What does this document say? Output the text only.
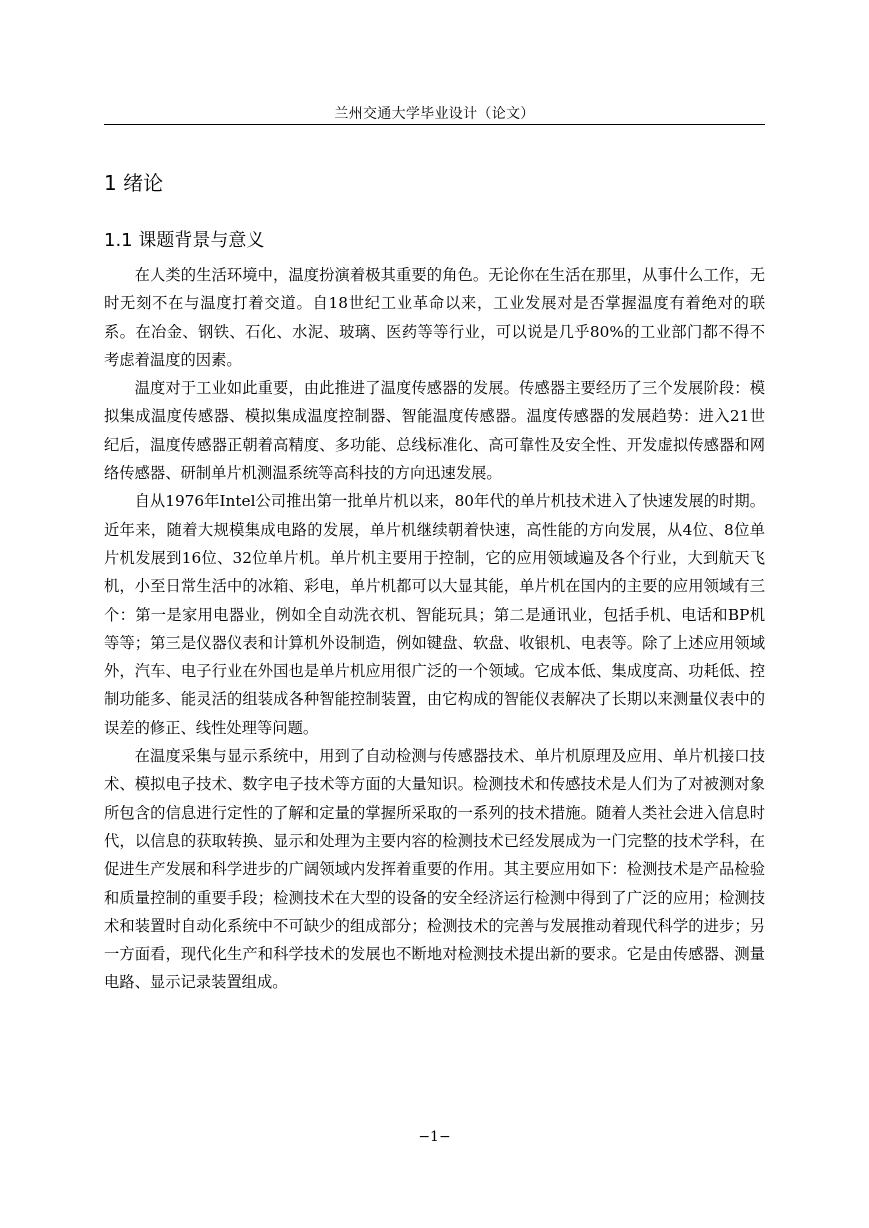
兰州交通大学毕业设计（论文）
1 绪论
1.1 课题背景与意义

在人类的生活环境中，温度扮演着极其重要的角色。无论你在生活在那里，从事什么工作，无时无刻不在与温度打着交道。自18世纪工业革命以来，工业发展对是否掌握温度有着绝对的联系。在冶金、钢铁、石化、水泥、玻璃、医药等等行业，可以说是几乎80%的工业部门都不得不考虑着温度的因素。

温度对于工业如此重要，由此推进了温度传感器的发展。传感器主要经历了三个发展阶段：模拟集成温度传感器、模拟集成温度控制器、智能温度传感器。温度传感器的发展趋势：进入21世纪后，温度传感器正朝着高精度、多功能、总线标准化、高可靠性及安全性、开发虚拟传感器和网络传感器、研制单片机测温系统等高科技的方向迅速发展。

自从1976年Intel公司推出第一批单片机以来，80年代的单片机技术进入了快速发展的时期。近年来，随着大规模集成电路的发展，单片机继续朝着快速，高性能的方向发展，从4位、8位单片机发展到16位、32位单片机。单片机主要用于控制，它的应用领域遍及各个行业，大到航天飞机，小至日常生活中的冰箱、彩电，单片机都可以大显其能，单片机在国内的主要的应用领域有三个：第一是家用电器业，例如全自动洗衣机、智能玩具；第二是通讯业，包括手机、电话和BP机等等；第三是仪器仪表和计算机外设制造，例如键盘、软盘、收银机、电表等。除了上述应用领域外，汽车、电子行业在外国也是单片机应用很广泛的一个领域。它成本低、集成度高、功耗低、控制功能多、能灵活的组装成各种智能控制装置，由它构成的智能仪表解决了长期以来测量仪表中的误差的修正、线性处理等问题。

在温度采集与显示系统中，用到了自动检测与传感器技术、单片机原理及应用、单片机接口技术、模拟电子技术、数字电子技术等方面的大量知识。检测技术和传感技术是人们为了对被测对象所包含的信息进行定性的了解和定量的掌握所采取的一系列的技术措施。随着人类社会进入信息时代，以信息的获取转换、显示和处理为主要内容的检测技术已经发展成为一门完整的技术学科，在促进生产发展和科学进步的广阔领域内发挥着重要的作用。其主要应用如下：检测技术是产品检验和质量控制的重要手段；检测技术在大型的设备的安全经济运行检测中得到了广泛的应用；检测技术和装置时自动化系统中不可缺少的组成部分；检测技术的完善与发展推动着现代科学的进步；另一方面看，现代化生产和科学技术的发展也不断地对检测技术提出新的要求。它是由传感器、测量电路、显示记录装置组成。

−1−
